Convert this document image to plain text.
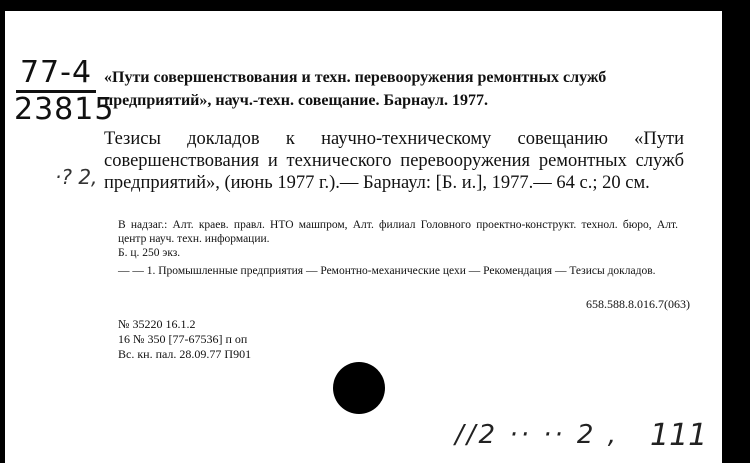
77-4
23815
«Пути совершенствования и техн. перевооружения ремонтных служб предприятий», науч.-техн. совещание. Барнаул. 1977.
·? 2,
Тезисы докладов к научно-техническому совещанию «Пути совершенствования и технического перевооружения ремонтных служб предприятий», (июнь 1977 г.).— Барнаул: [Б. и.], 1977.— 64 с.; 20 см.
В надзаг.: Алт. краев. правл. НТО машпром, Алт. филиал Головного проектно-конструкт. технол. бюро, Алт. центр науч. техн. информации.
Б. ц. 250 экз.
— — 1. Промышленные предприятия — Ремонтно-механические цехи — Рекомендация — Тезисы докладов.
658.588.8.016.7(063)
№ 35220 16.1.2
16 № 350 [77-67536] п оп
Вс. кн. пал. 28.09.77 П901
//2 ·· ·· 2 , 111
